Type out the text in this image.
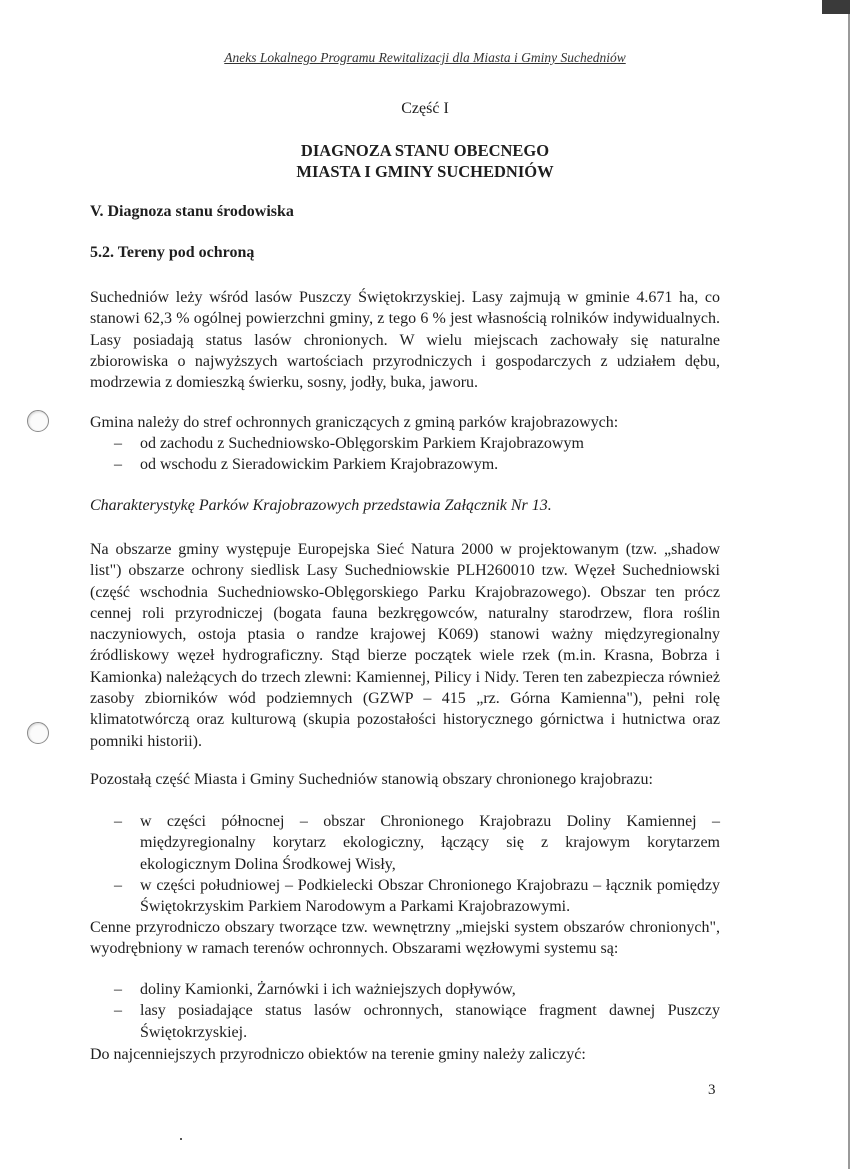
Aneks Lokalnego Programu Rewitalizacji dla Miasta i Gminy Suchedniów
Część I
DIAGNOZA STANU OBECNEGO
MIASTA I GMINY SUCHEDNIÓW
V. Diagnoza stanu środowiska
5.2. Tereny pod ochroną

Suchedniów leży wśród lasów Puszczy Świętokrzyskiej. Lasy zajmują w gminie 4.671 ha, co stanowi 62,3 % ogólnej powierzchni gminy, z tego 6 % jest własnością rolników indywidualnych. Lasy posiadają status lasów chronionych. W wielu miejscach zachowały się naturalne zbiorowiska o najwyższych wartościach przyrodniczych i gospodarczych z udziałem dębu, modrzewia z domieszką świerku, sosny, jodły, buka, jaworu.

Gmina należy do stref ochronnych graniczących z gminą parków krajobrazowych:

– od zachodu z Suchedniowsko-Oblęgorskim Parkiem Krajobrazowym
– od wschodu z Sieradowickim Parkiem Krajobrazowym.
Charakterystykę Parków Krajobrazowych przedstawia Załącznik Nr 13.

Na obszarze gminy występuje Europejska Sieć Natura 2000 w projektowanym (tzw. „shadow list") obszarze ochrony siedlisk Lasy Suchedniowskie PLH260010 tzw. Węzeł Suchedniowski (część wschodnia Suchedniowsko-Oblęgorskiego Parku Krajobrazowego). Obszar ten prócz cennej roli przyrodniczej (bogata fauna bezkręgowców, naturalny starodrzew, flora roślin naczyniowych, ostoja ptasia o randze krajowej K069) stanowi ważny międzyregionalny źródliskowy węzeł hydrograficzny. Stąd bierze początek wiele rzek (m.in. Krasna, Bobrza i Kamionka) należących do trzech zlewni: Kamiennej, Pilicy i Nidy. Teren ten zabezpiecza również zasoby zbiorników wód podziemnych (GZWP – 415 „rz. Górna Kamienna"), pełni rolę klimatotwórczą oraz kulturową (skupia pozostałości historycznego górnictwa i hutnictwa oraz pomniki historii).

Pozostałą część Miasta i Gminy Suchedniów stanowią obszary chronionego krajobrazu:

– w części północnej – obszar Chronionego Krajobrazu Doliny Kamiennej – międzyregionalny korytarz ekologiczny, łączący się z krajowym korytarzem ekologicznym Dolina Środkowej Wisły,
– w części południowej – Podkielecki Obszar Chronionego Krajobrazu – łącznik pomiędzy Świętokrzyskim Parkiem Narodowym a Parkami Krajobrazowymi.

Cenne przyrodniczo obszary tworzące tzw. wewnętrzny „miejski system obszarów chronionych", wyodrębniony w ramach terenów ochronnych. Obszarami węzłowymi systemu są:

– doliny Kamionki, Żarnówki i ich ważniejszych dopływów,
– lasy posiadające status lasów ochronnych, stanowiące fragment dawnej Puszczy Świętokrzyskiej.

Do najcenniejszych przyrodniczo obiektów na terenie gminy należy zaliczyć:

3
